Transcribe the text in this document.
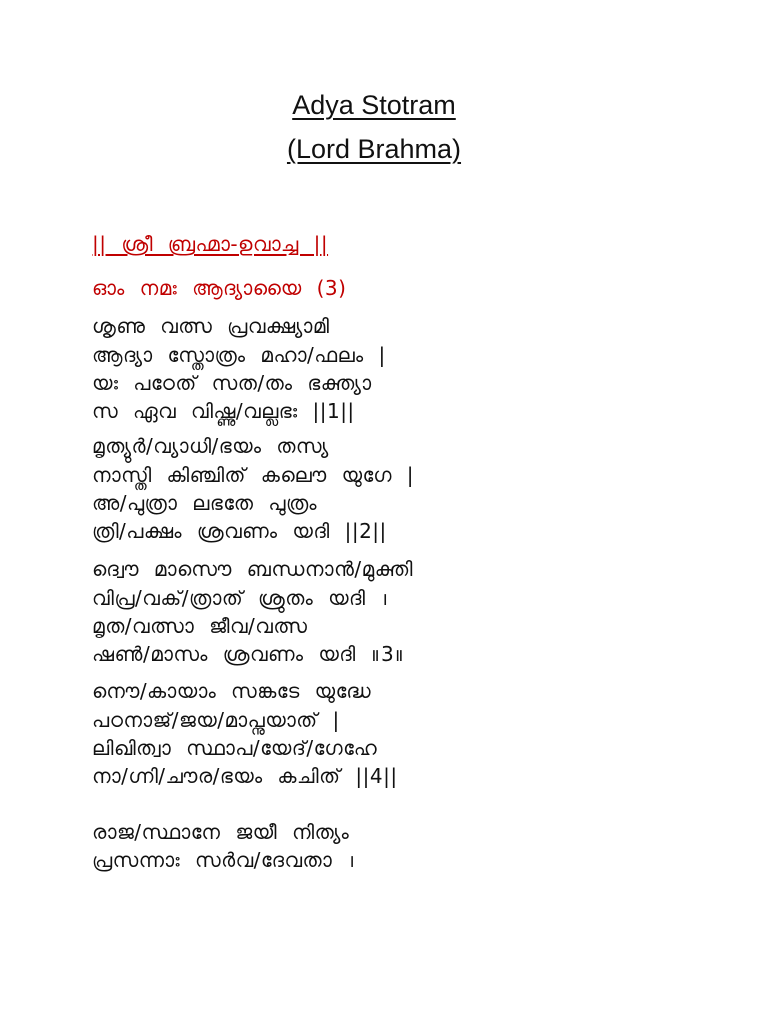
Adya Stotram
(Lord Brahma)
|| ശ്രീ ബ്രഹ്മാ-ഉവാച്ച ||
ഓം നമഃ ആദ്യായൈ (3)
ശൃണു വത്സ പ്രവക്ഷ്യാമി
ആദ്യാ സ്തോത്രം മഹാ/ഫലം |
യഃ പഠേത് സത/തം ഭക്ത്യാ
സ ഏവ വിഷ്ണു/വല്ലഭഃ ||1||
മൃത്യുർ/വ്യാധി/ഭയം തസ്യ
നാസ്തി കിഞ്ചിത് കലൌ യുഗേ |
അ/പുത്രാ ലഭതേ പുത്രം
ത്രി/പക്ഷം ശ്രവണം യദി ||2||
ദ്വൌ മാസൌ ബന്ധനാൻ/മുക്തി
വിപ്ര/വക്/ത്രാത് ശ്രുതം യദി ।
മൃത/വത്സാ ജീവ/വത്സ
ഷൺ/മാസം ശ്രവണം യദി ॥3॥
നൌ/കായാം സങ്കടേ യുദ്ധേ
പഠനാജ്/ജയ/മാപ്നുയാത് |
ലിഖിത്വാ സ്ഥാപ/യേദ്/ഗേഹേ
നാ/ഗ്നി/ചൗര/ഭയം കചിത് ||4||
രാജ/സ്ഥാനേ ജയീ നിത്യം
പ്രസന്നാഃ സർവ/ദേവതാ ।
